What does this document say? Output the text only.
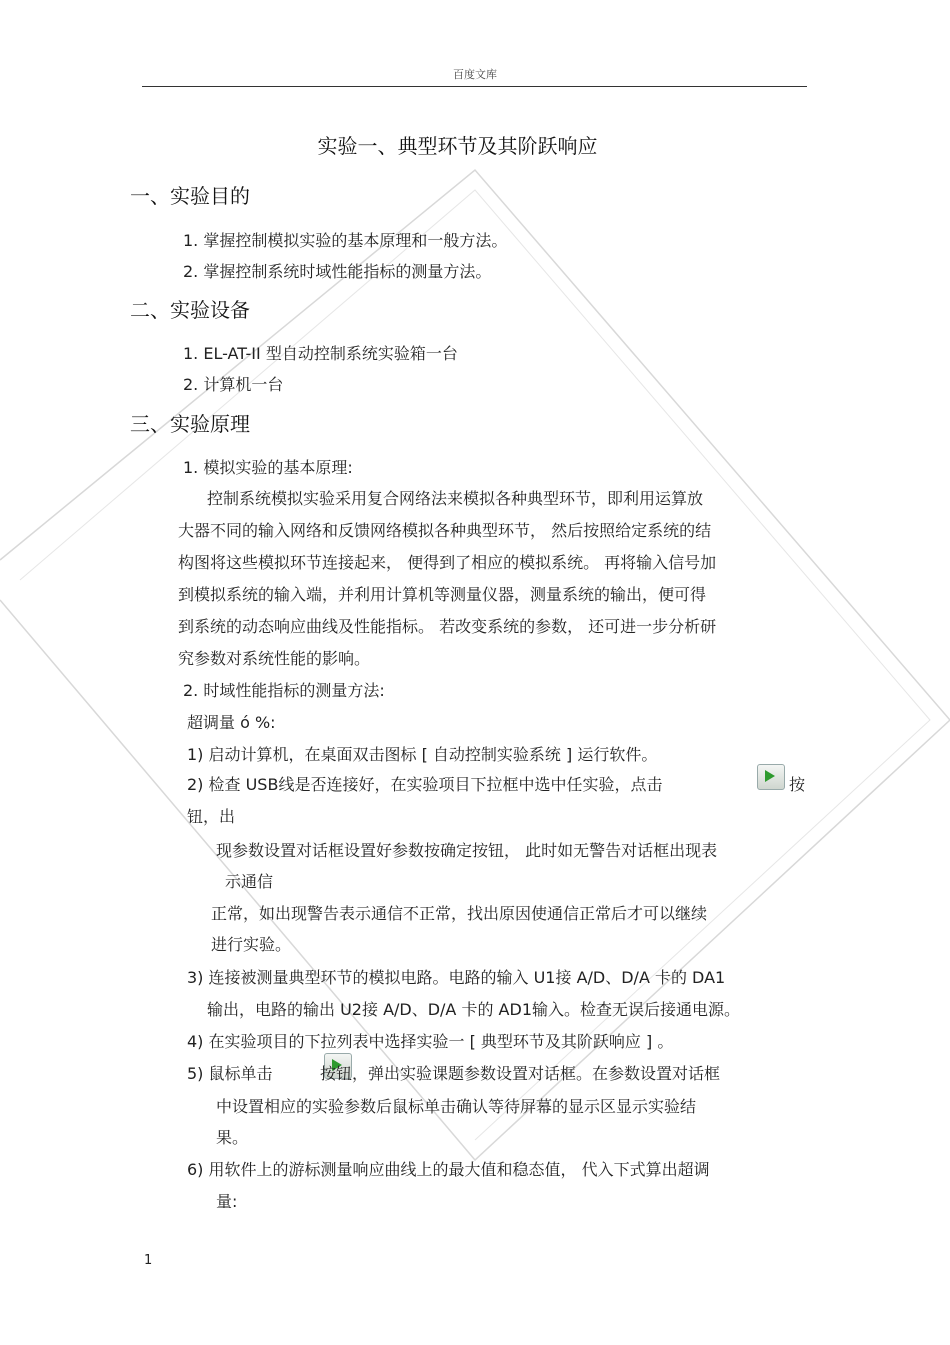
百度文库
实验一、典型环节及其阶跃响应
一、实验目的
1. 掌握控制模拟实验的基本原理和一般方法。
2. 掌握控制系统时域性能指标的测量方法。
二、实验设备
1. EL-AT-II 型自动控制系统实验箱一台
2. 计算机一台
三、实验原理
1. 模拟实验的基本原理:
控制系统模拟实验采用复合网络法来模拟各种典型环节，即利用运算放
大器不同的输入网络和反馈网络模拟各种典型环节， 然后按照给定系统的结
构图将这些模拟环节连接起来， 便得到了相应的模拟系统。 再将输入信号加
到模拟系统的输入端，并利用计算机等测量仪器，测量系统的输出，便可得
到系统的动态响应曲线及性能指标。 若改变系统的参数， 还可进一步分析研
究参数对系统性能的影响。
2. 时域性能指标的测量方法:
超调量 ó %:
1) 启动计算机，在桌面双击图标 [ 自动控制实验系统 ] 运行软件。
2) 检查 USB线是否连接好，在实验项目下拉框中选中任实验，点击
	按
钮，出
现参数设置对话框设置好参数按确定按钮， 此时如无警告对话框出现表
示通信
正常，如出现警告表示通信不正常，找出原因使通信正常后才可以继续
进行实验。
3) 连接被测量典型环节的模拟电路。电路的输入 U1接 A/D、D/A 卡的 DA1
输出，电路的输出 U2接 A/D、D/A 卡的 AD1输入。检查无误后接通电源。
4) 在实验项目的下拉列表中选择实验一 [ 典型环节及其阶跃响应 ] 。
5) 鼠标单击	按钮，弹出实验课题参数设置对话框。在参数设置对话框
中设置相应的实验参数后鼠标单击确认等待屏幕的显示区显示实验结
果。
6) 用软件上的游标测量响应曲线上的最大值和稳态值， 代入下式算出超调
量:
1
